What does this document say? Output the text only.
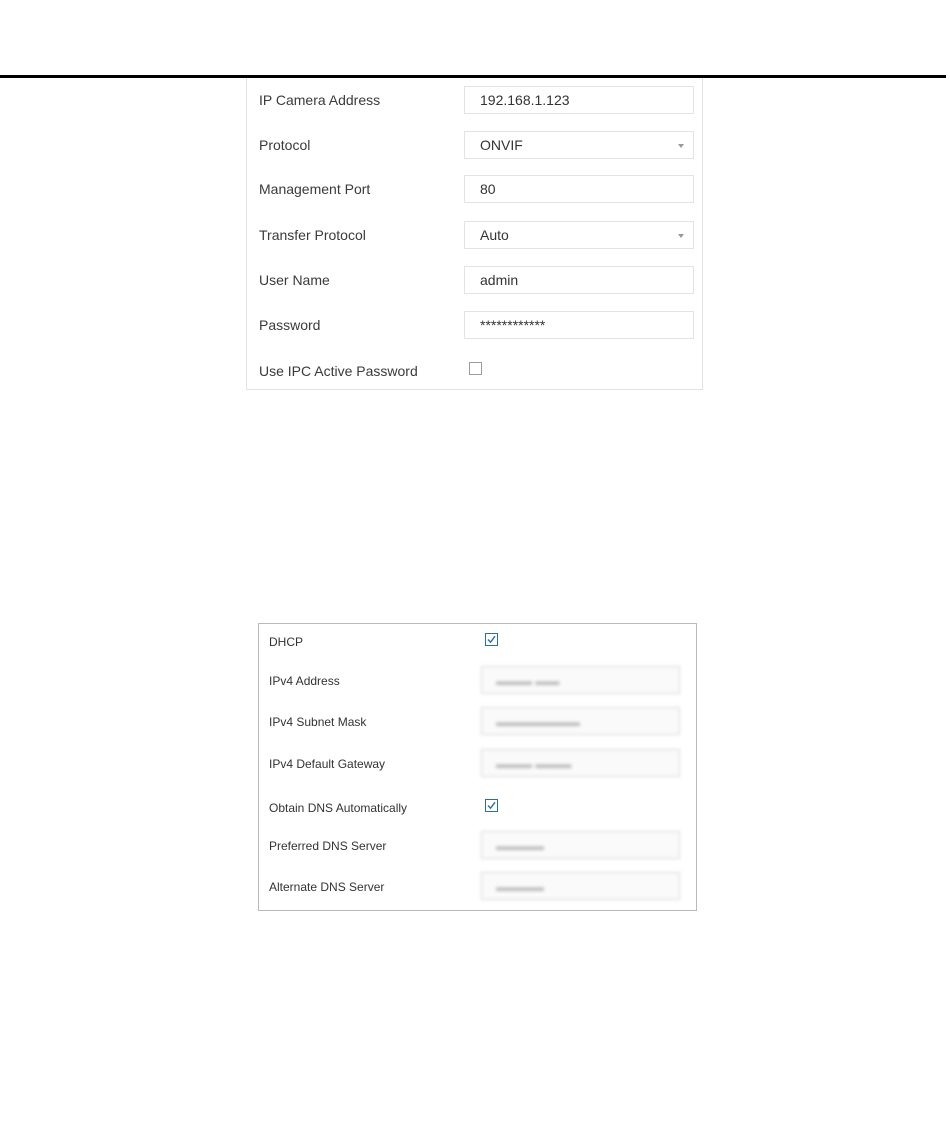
IP Camera Address	192.168.1.123
Protocol	ONVIF
Management Port	80
Transfer Protocol	Auto
User Name	admin
Password	************
Use IPC Active Password
DHCP
IPv4 Address	▬▬▬ ▬▬
IPv4 Subnet Mask	▬▬▬▬▬▬▬
IPv4 Default Gateway	▬▬▬ ▬▬▬
Obtain DNS Automatically
Preferred DNS Server	▬▬▬▬
Alternate DNS Server	▬▬▬▬
